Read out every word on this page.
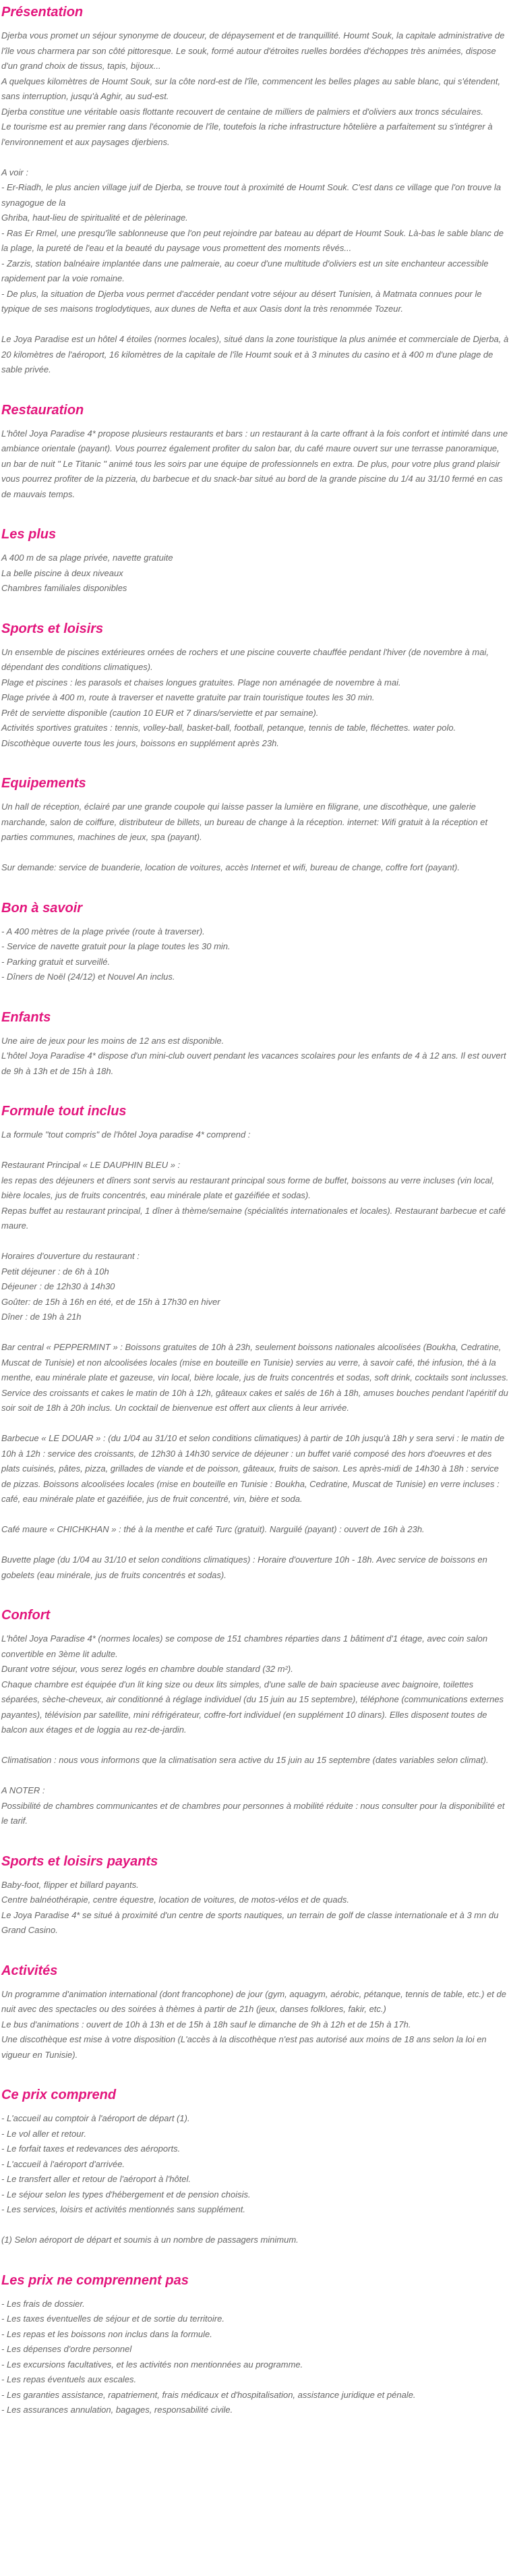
Présentation

Djerba vous promet un séjour synonyme de douceur, de dépaysement et de tranquillité. Houmt Souk, la capitale administrative de l'île vous charmera par son côté pittoresque. Le souk, formé autour d'étroites ruelles bordées d'échoppes très animées, dispose d'un grand choix de tissus, tapis, bijoux...
A quelques kilomètres de Houmt Souk, sur la côte nord-est de l'île, commencent les belles plages au sable blanc, qui s'étendent, sans interruption, jusqu'à Aghir, au sud-est.
Djerba constitue une véritable oasis flottante recouvert de centaine de milliers de palmiers et d'oliviers aux troncs séculaires.
Le tourisme est au premier rang dans l'économie de l'île, toutefois la riche infrastructure hôtelière a parfaitement su s'intégrer à l'environnement et aux paysages djerbiens.

A voir :
- Er-Riadh, le plus ancien village juif de Djerba, se trouve tout à proximité de Houmt Souk. C'est dans ce village que l'on trouve la synagogue de la
Ghriba, haut-lieu de spiritualité et de pèlerinage.
- Ras Er Rmel, une presqu'île sablonneuse que l'on peut rejoindre par bateau au départ de Houmt Souk. Là-bas le sable blanc de la plage, la pureté de l'eau et la beauté du paysage vous promettent des moments rêvés...
- Zarzis, station balnéaire implantée dans une palmeraie, au coeur d'une multitude d'oliviers est un site enchanteur accessible rapidement par la voie romaine.
- De plus, la situation de Djerba vous permet d'accéder pendant votre séjour au désert Tunisien, à Matmata connues pour le typique de ses maisons troglodytiques, aux dunes de Nefta et aux Oasis dont la très renommée Tozeur.

Le Joya Paradise est un hôtel 4 étoiles (normes locales), situé dans la zone touristique la plus animée et commerciale de Djerba, à 20 kilomètres de l'aéroport, 16 kilomètres de la capitale de l'île Houmt souk et à 3 minutes du casino et à 400 m d'une plage de sable privée.

Restauration

L'hôtel Joya Paradise 4* propose plusieurs restaurants et bars : un restaurant à la carte offrant à la fois confort et intimité dans une ambiance orientale (payant). Vous pourrez également profiter du salon bar, du café maure ouvert sur une terrasse panoramique, un bar de nuit " Le Titanic " animé tous les soirs par une équipe de professionnels en extra. De plus, pour votre plus grand plaisir vous pourrez profiter de la pizzeria, du barbecue et du snack-bar situé au bord de la grande piscine du 1/4 au 31/10 fermé en cas de mauvais temps.

Les plus

A 400 m de sa plage privée, navette gratuite
La belle piscine à deux niveaux
Chambres familiales disponibles

Sports et loisirs

Un ensemble de piscines extérieures ornées de rochers et une piscine couverte chauffée pendant l'hiver (de novembre à mai, dépendant des conditions climatiques).
Plage et piscines : les parasols et chaises longues gratuites. Plage non aménagée de novembre à mai.
Plage privée à 400 m, route à traverser et navette gratuite par train touristique toutes les 30 min.
Prêt de serviette disponible (caution 10 EUR et 7 dinars/serviette et par semaine).
Activités sportives gratuites : tennis, volley-ball, basket-ball, football, petanque, tennis de table, fléchettes. water polo.
Discothèque ouverte tous les jours, boissons en supplément après 23h.

Equipements

Un hall de réception, éclairé par une grande coupole qui laisse passer la lumière en filigrane, une discothèque, une galerie marchande, salon de coiffure, distributeur de billets, un bureau de change à la réception. internet: Wifi gratuit à la réception et parties communes, machines de jeux, spa (payant).

Sur demande: service de buanderie, location de voitures, accès Internet et wifi, bureau de change, coffre fort (payant).

Bon à savoir

- A 400 mètres de la plage privée (route à traverser).
- Service de navette gratuit pour la plage toutes les 30 min.
- Parking gratuit et surveillé.
- Dîners de Noël (24/12) et Nouvel An inclus.

Enfants

Une aire de jeux pour les moins de 12 ans est disponible.
L'hôtel Joya Paradise 4* dispose d'un mini-club ouvert pendant les vacances scolaires pour les enfants de 4 à 12 ans. Il est ouvert de 9h à 13h et de 15h à 18h.

Formule tout inclus

La formule "tout compris" de l'hôtel Joya paradise 4* comprend :

Restaurant Principal « LE DAUPHIN BLEU » :
les repas des déjeuners et dîners sont servis au restaurant principal sous forme de buffet, boissons au verre incluses (vin local, bière locales, jus de fruits concentrés, eau minérale plate et gazéifiée et sodas).
Repas buffet au restaurant principal, 1 dîner à thème/semaine (spécialités internationales et locales). Restaurant barbecue et café maure.

Horaires d'ouverture du restaurant :
Petit déjeuner : de 6h à 10h
Déjeuner : de 12h30 à 14h30
Goûter: de 15h à 16h en été, et de 15h à 17h30 en hiver
Dîner : de 19h à 21h

Bar central « PEPPERMINT » : Boissons gratuites de 10h à 23h, seulement boissons nationales alcoolisées (Boukha, Cedratine, Muscat de Tunisie) et non alcoolisées locales (mise en bouteille en Tunisie) servies au verre, à savoir café, thé infusion, thé à la menthe, eau minérale plate et gazeuse, vin local, bière locale, jus de fruits concentrés et sodas, soft drink, cocktails sont inclusses. Service des croissants et cakes le matin de 10h à 12h, gâteaux cakes et salés de 16h à 18h, amuses bouches pendant l'apéritif du soir soit de 18h à 20h inclus. Un cocktail de bienvenue est offert aux clients à leur arrivée.

Barbecue « LE DOUAR » : (du 1/04 au 31/10 et selon conditions climatiques) à partir de 10h jusqu'à 18h y sera servi : le matin de 10h à 12h : service des croissants, de 12h30 à 14h30 service de déjeuner : un buffet varié composé des hors d'oeuvres et des plats cuisinés, pâtes, pizza, grillades de viande et de poisson, gâteaux, fruits de saison. Les après-midi de 14h30 à 18h : service de pizzas. Boissons alcoolisées locales (mise en bouteille en Tunisie : Boukha, Cedratine, Muscat de Tunisie) en verre incluses : café, eau minérale plate et gazéifiée, jus de fruit concentré, vin, bière et soda.

Café maure « CHICHKHAN » : thé à la menthe et café Turc (gratuit). Narguilé (payant) : ouvert de 16h à 23h.

Buvette plage (du 1/04 au 31/10 et selon conditions climatiques) : Horaire d'ouverture 10h - 18h. Avec service de boissons en gobelets (eau minérale, jus de fruits concentrés et sodas).

Confort

L'hôtel Joya Paradise 4* (normes locales) se compose de 151 chambres réparties dans 1 bâtiment d'1 étage, avec coin salon convertible en 3ème lit adulte.
Durant votre séjour, vous serez logés en chambre double standard (32 m²).
Chaque chambre est équipée d'un lit king size ou deux lits simples, d'une salle de bain spacieuse avec baignoire, toilettes séparées, sèche-cheveux, air conditionné à réglage individuel (du 15 juin au 15 septembre), téléphone (communications externes payantes), télévision par satellite, mini réfrigérateur, coffre-fort individuel (en supplément 10 dinars). Elles disposent toutes de balcon aux étages et de loggia au rez-de-jardin.

Climatisation : nous vous informons que la climatisation sera active du 15 juin au 15 septembre (dates variables selon climat).

A NOTER :
Possibilité de chambres communicantes et de chambres pour personnes à mobilité réduite : nous consulter pour la disponibilité et le tarif.

Sports et loisirs payants

Baby-foot, flipper et billard payants.
Centre balnéothérapie, centre équestre, location de voitures, de motos-vélos et de quads.
Le Joya Paradise 4* se situé à proximité d'un centre de sports nautiques, un terrain de golf de classe internationale et à 3 mn du Grand Casino.

Activités

Un programme d'animation international (dont francophone) de jour (gym, aquagym, aérobic, pétanque, tennis de table, etc.) et de nuit avec des spectacles ou des soirées à thèmes à partir de 21h (jeux, danses folklores, fakir, etc.)
Le bus d'animations : ouvert de 10h à 13h et de 15h à 18h sauf le dimanche de 9h à 12h et de 15h à 17h.
Une discothèque est mise à votre disposition (L'accès à la discothèque n'est pas autorisé aux moins de 18 ans selon la loi en vigueur en Tunisie).

Ce prix comprend

- L'accueil au comptoir à l'aéroport de départ (1).
- Le vol aller et retour.
- Le forfait taxes et redevances des aéroports.
- L'accueil à l'aéroport d'arrivée.
- Le transfert aller et retour de l'aéroport à l'hôtel.
- Le séjour selon les types d'hébergement et de pension choisis.
- Les services, loisirs et activités mentionnés sans supplément.

(1) Selon aéroport de départ et soumis à un nombre de passagers minimum.

Les prix ne comprennent pas

- Les frais de dossier.
- Les taxes éventuelles de séjour et de sortie du territoire.
- Les repas et les boissons non inclus dans la formule.
- Les dépenses d'ordre personnel
- Les excursions facultatives, et les activités non mentionnées au programme.
- Les repas éventuels aux escales.
- Les garanties assistance, rapatriement, frais médicaux et d'hospitalisation, assistance juridique et pénale.
- Les assurances annulation, bagages, responsabilité civile.
